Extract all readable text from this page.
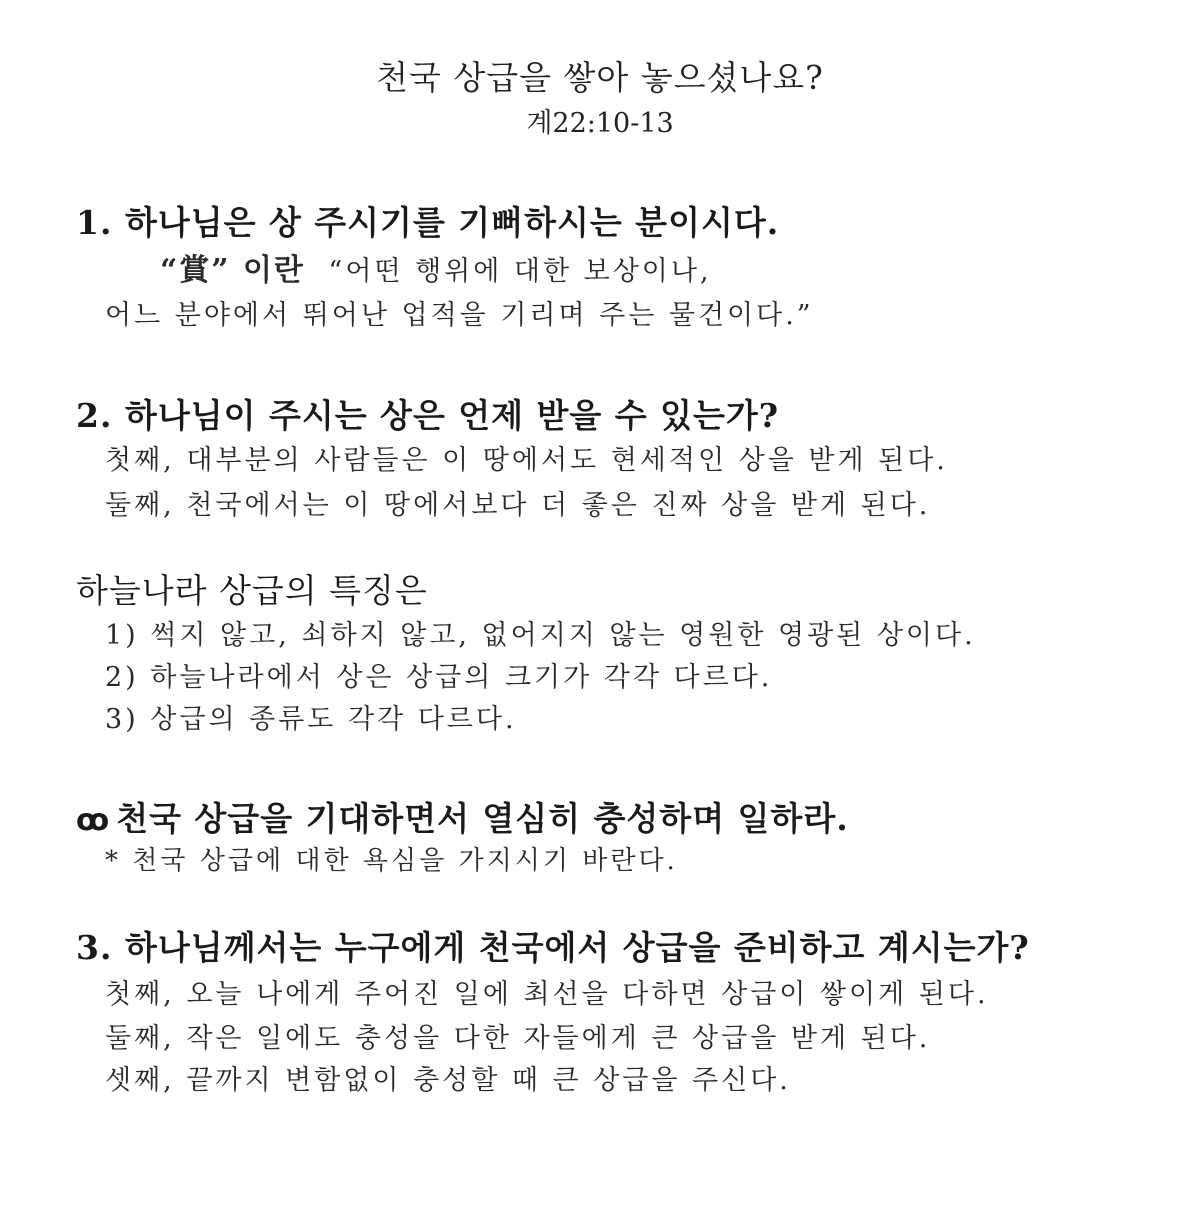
천국 상급을 쌓아 놓으셨나요?
계22:10-13
1. 하나님은 상 주시기를 기뻐하시는 분이시다.
“賞” 이란 “어떤 행위에 대한 보상이나,
어느 분야에서 뛰어난 업적을 기리며 주는 물건이다.”
2. 하나님이 주시는 상은 언제 받을 수 있는가?
첫째, 대부분의 사람들은 이 땅에서도 현세적인 상을 받게 된다.
둘째, 천국에서는 이 땅에서보다 더 좋은 진짜 상을 받게 된다.
하늘나라 상급의 특징은
1) 썩지 않고, 쇠하지 않고, 없어지지 않는 영원한 영광된 상이다.
2) 하늘나라에서 상은 상급의 크기가 각각 다르다.
3) 상급의 종류도 각각 다르다.
ꝏ 천국 상급을 기대하면서 열심히 충성하며 일하라.
* 천국 상급에 대한 욕심을 가지시기 바란다.
3. 하나님께서는 누구에게 천국에서 상급을 준비하고 계시는가?
첫째, 오늘 나에게 주어진 일에 최선을 다하면 상급이 쌓이게 된다.
둘째, 작은 일에도 충성을 다한 자들에게 큰 상급을 받게 된다.
셋째, 끝까지 변함없이 충성할 때 큰 상급을 주신다.
